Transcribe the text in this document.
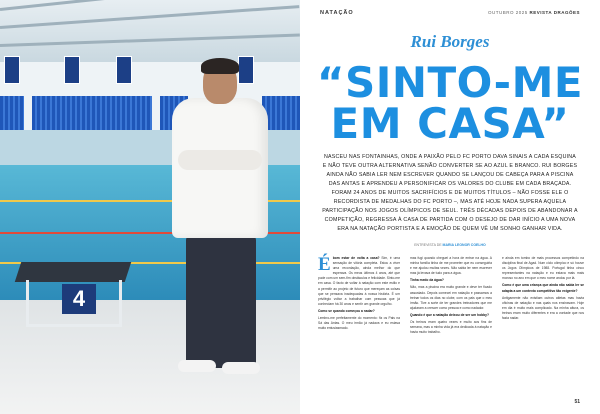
4
NATAÇÃO	OUTUBRO 2025 REVISTA DRAGÕES
Rui Borges
“SINTO-ME
EM CASA”
NASCEU NAS FONTAINHAS, ONDE A PAIXÃO PELO FC PORTO DAVA SINAIS A CADA ESQUINA E NÃO TEVE OUTRA ALTERNATIVA SENÃO CONVERTER SE AO AZUL E BRANCO. RUI BORGES AINDA NÃO SABIA LER NEM ESCREVER QUANDO SE LANÇOU DE CABEÇA PARA A PISCINA DAS ANTAS E APRENDEU A PERSONIFICAR OS VALORES DO CLUBE EM CADA BRAÇADA. FORAM 24 ANOS DE MUITOS SACRIFÍCIOS E DE MUITOS TÍTULOS – NÃO FOSSE ELE O RECORDISTA DE MEDALHAS DO FC PORTO –, MAS ATÉ HOJE NADA SUPERA AQUELA PARTICIPAÇÃO NOS JOGOS OLÍMPICOS DE SEUL. TRÊS DÉCADAS DEPOIS DE ABANDONAR A COMPETIÇÃO, REGRESSA À CASA DE PARTIDA COM O DESEJO DE DAR INÍCIO A UMA NOVA ERA NA NATAÇÃO PORTISTA E A EMOÇÃO DE QUEM VÊ UM SONHO GANHAR VIDA.
ENTREVISTA DE MARIA LEONOR COELHO
É bom estar de volta a casa? Sim, é uma sensação de vitória completa. Estou a viver uma recordação, ainda melhor do que esperava. Os meus últimos 4 anos, até que pude com um sem-fim obstáculos e felicidade. Sinto-me em casa. O facto de voltar à natação com este estilo e a permitir ao projeto de futuro que mereçam as coisas que se pensava inadequadas à nossa história. É um privilégio voltar a trabalhar com pessoas que já conheciam há 30 anos e sentir um grande orgulho.

Como se quando começou a nadar?

Lembro-me perfeitamente do momento: fiz os Pais na Sá das Antas. O meu irmão já nadava e eu estava muito entusiasmado.

mas fugi quando cheguei a hora de entrar na água. A minha família tinha de me prometer que eu conseguiria e me ajudou muitas vezes. Não sabia ler nem escrever mas já levava de tudo para a água.

Tinha medo da água?

Não, mas a piscina era muito grande e deve ter ficado assustado. Depois comecei em natação e passamos a treinar todos os dias no clube, com os pais que o meu irmão. Tive a sorte de ter grandes treinadores que me ajudaram a crescer como pessoa e como nadador.

Quando é que a natação deixou de ser um hobby?

Os treinos eram quatro vezes e muito aos fins de semana, mas a minha vida já era dedicada à natação e havia muito trabalho.

e ainda em tombo de mais processos competindo na disciplina final de Agad. Num ciclo olímpico e só houve os Jogos Olímpicos de 1988. Portugal tinha cinco representantes na natação e eu estava mais mais moroso no ano em que o meu nome andou por lá.

Como é que uma criança que ainda não sabia ler se adapta a um contexto competitivo tão exigente?

Antigamente não existiam outros atletas mas havia oficinas de natação e nas quais nos ensinavam. Hoje em dia é muito mais complicado. Na minha altura, os treinos eram muito diferentes e era a vontade que nos fazia nadar.

51
